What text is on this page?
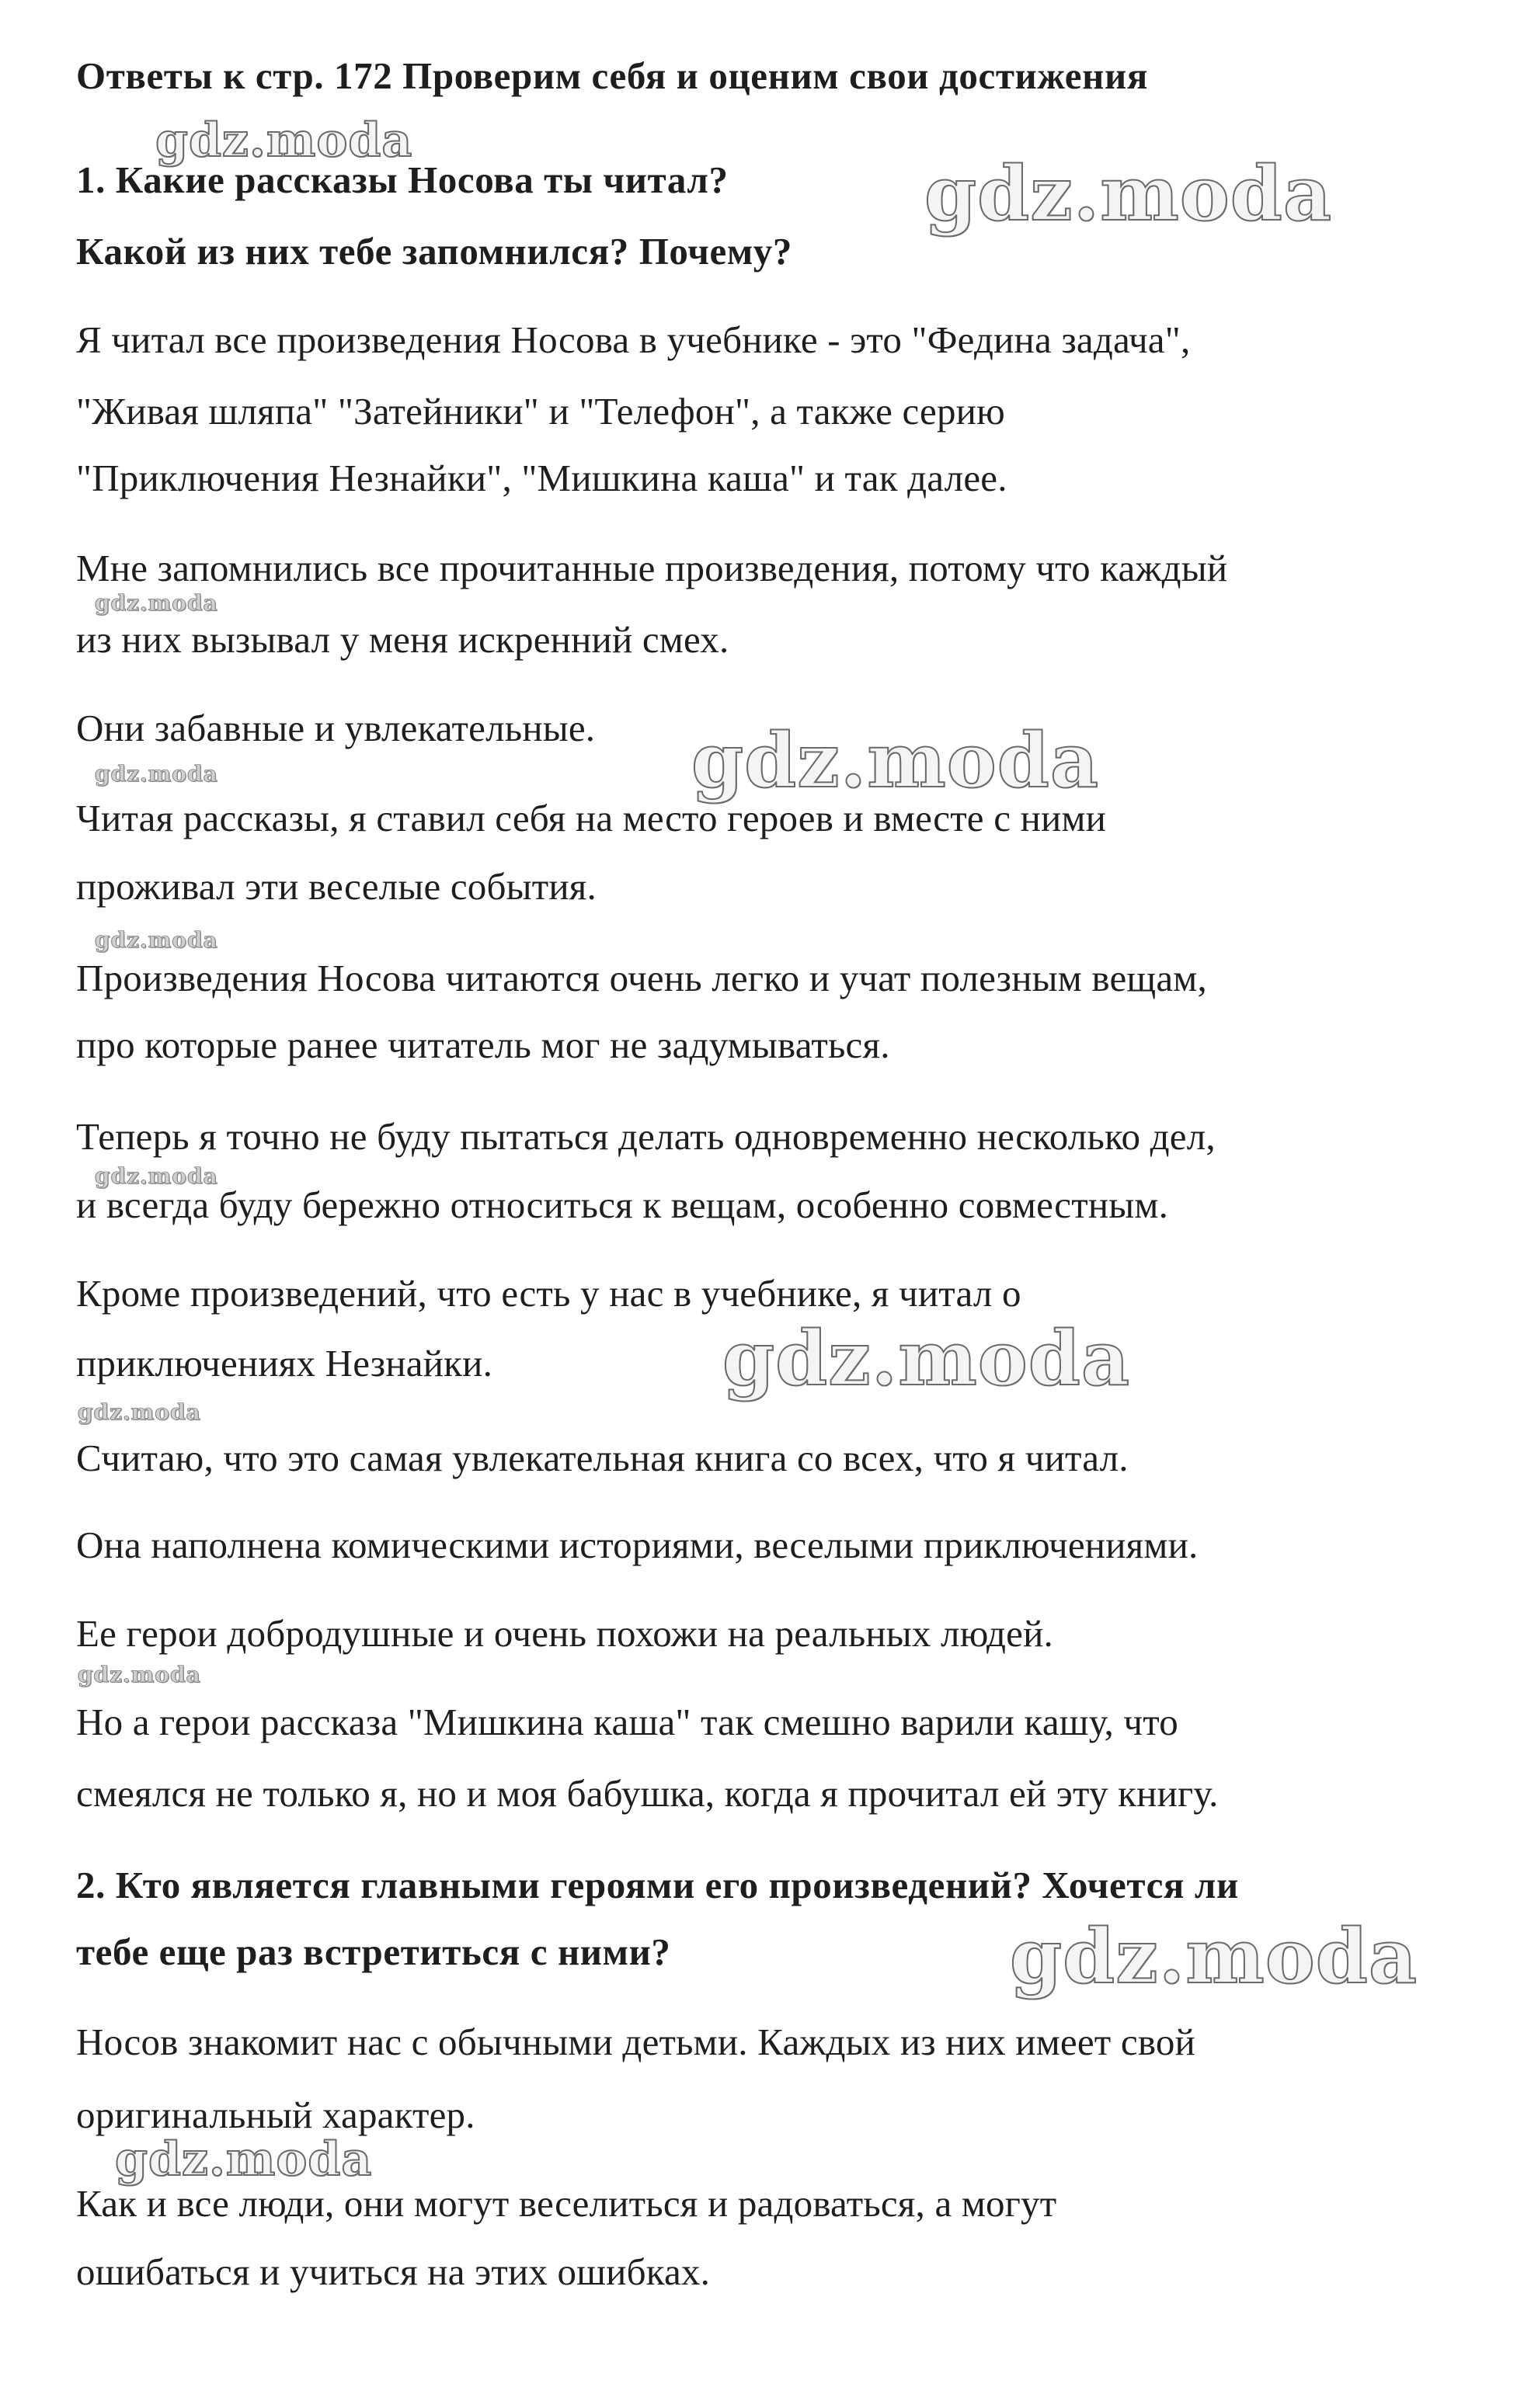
Ответы к стр. 172 Проверим себя и оценим свои достижения
1. Какие рассказы Носова ты читал?
Какой из них тебе запомнился? Почему?
Я читал все произведения Носова в учебнике - это "Федина задача",
"Живая шляпа" "Затейники" и "Телефон", а также серию
"Приключения Незнайки", "Мишкина каша" и так далее.
Мне запомнились все прочитанные произведения, потому что каждый
из них вызывал у меня искренний смех.
Они забавные и увлекательные.
Читая рассказы, я ставил себя на место героев и вместе с ними
проживал эти веселые события.
Произведения Носова читаются очень легко и учат полезным вещам,
про которые ранее читатель мог не задумываться.
Теперь я точно не буду пытаться делать одновременно несколько дел,
и всегда буду бережно относиться к вещам, особенно совместным.
Кроме произведений, что есть у нас в учебнике, я читал о
приключениях Незнайки.
Считаю, что это самая увлекательная книга со всех, что я читал.
Она наполнена комическими историями, веселыми приключениями.
Ее герои добродушные и очень похожи на реальных людей.
Но а герои рассказа "Мишкина каша" так смешно варили кашу, что
смеялся не только я, но и моя бабушка, когда я прочитал ей эту книгу.
2. Кто является главными героями его произведений? Хочется ли
тебе еще раз встретиться с ними?
Носов знакомит нас с обычными детьми. Каждых из них имеет свой
оригинальный характер.
Как и все люди, они могут веселиться и радоваться, а могут
ошибаться и учиться на этих ошибках.
gdz.moda
gdz.moda
gdz.moda
gdz.moda
gdz.moda
gdz.moda
gdz.moda
gdz.moda
gdz.moda
gdz.moda
gdz.moda
gdz.moda
